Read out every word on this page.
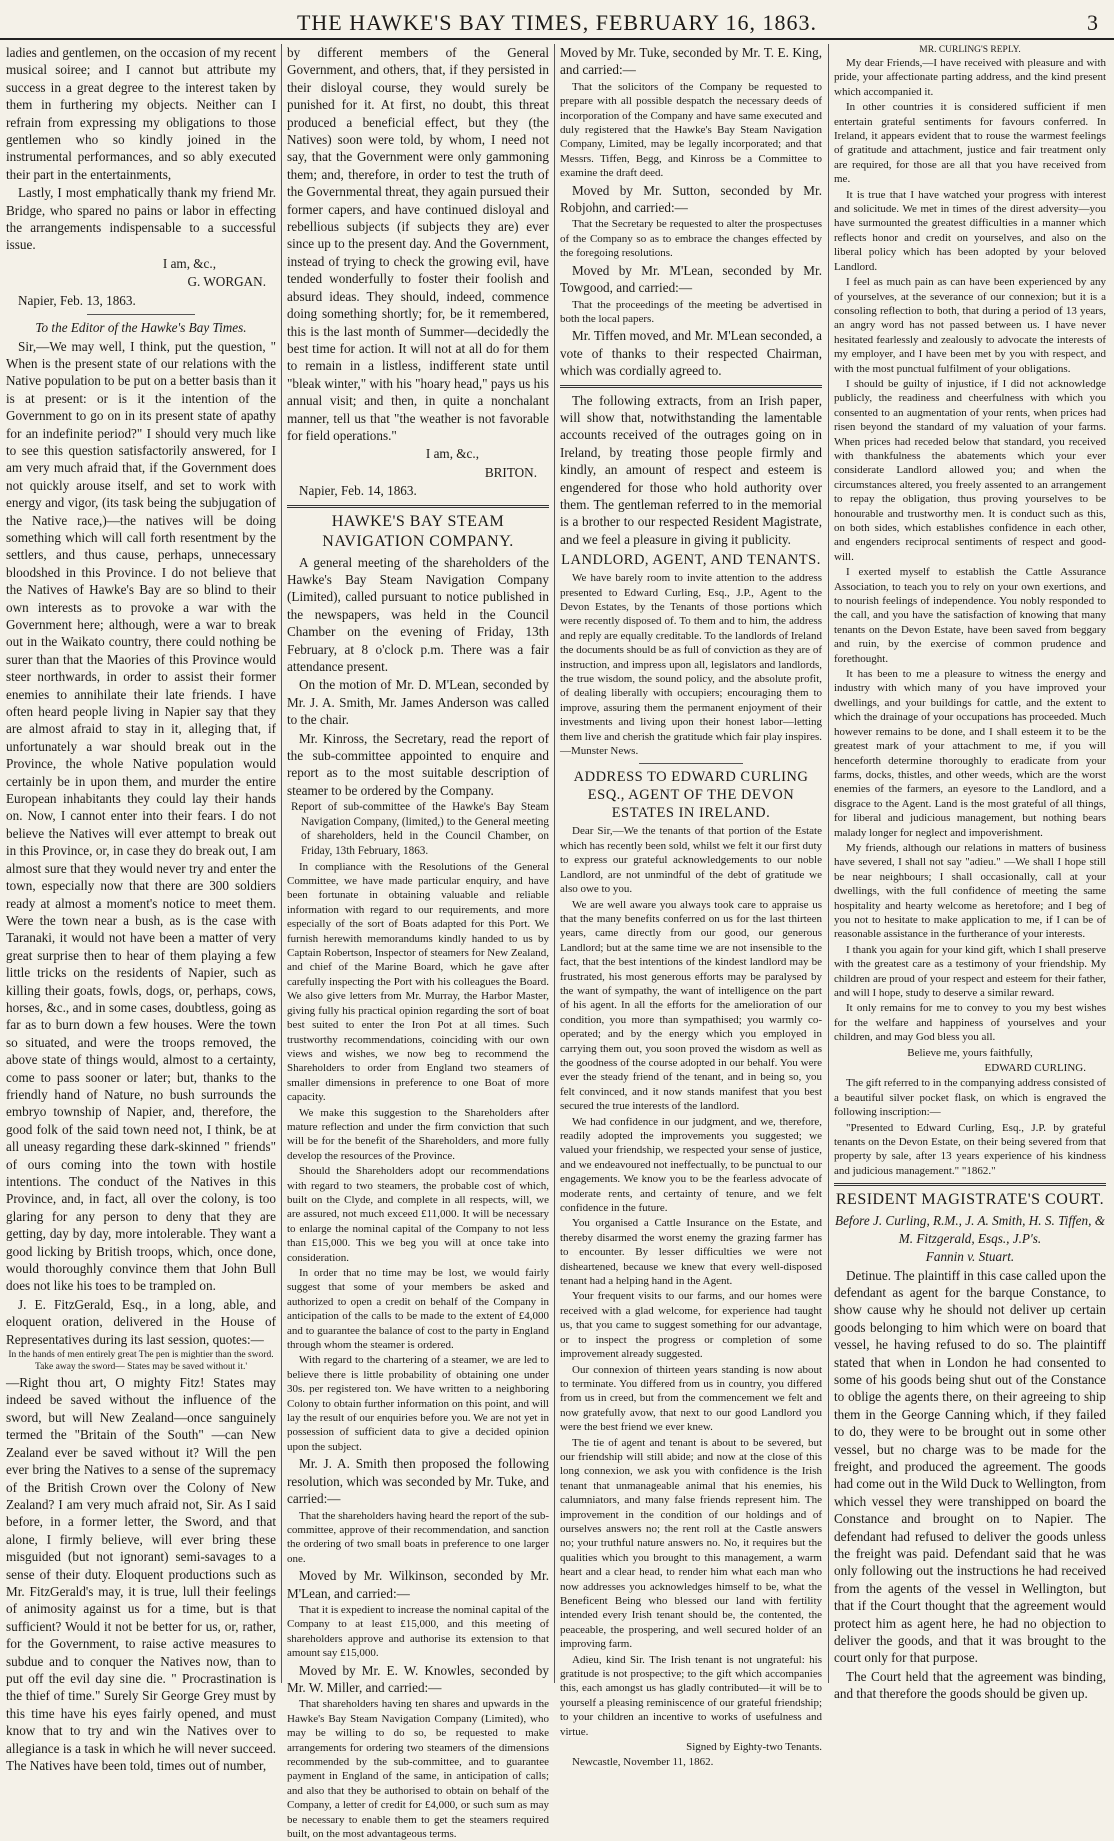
THE HAWKE'S BAY TIMES, FEBRUARY 16, 1863.	3

ladies and gentlemen, on the occasion of my recent musical soiree; and I cannot but attribute my success in a great degree to the interest taken by them in furthering my objects. Neither can I refrain from expressing my obligations to those gentlemen who so kindly joined in the instrumental performances, and so ably executed their part in the entertainments,

Lastly, I most emphatically thank my friend Mr. Bridge, who spared no pains or labor in effecting the arrangements indispensable to a successful issue.

I am, &c.,

G. WORGAN.

Napier, Feb. 13, 1863.

To the Editor of the Hawke's Bay Times.

Sir,—We may well, I think, put the question, " When is the present state of our relations with the Native population to be put on a better basis than it is at present: or is it the intention of the Government to go on in its present state of apathy for an indefinite period?" I should very much like to see this question satisfactorily answered, for I am very much afraid that, if the Government does not quickly arouse itself, and set to work with energy and vigor, (its task being the subjugation of the Native race,)—the natives will be doing something which will call forth resentment by the settlers, and thus cause, perhaps, unnecessary bloodshed in this Province. I do not believe that the Natives of Hawke's Bay are so blind to their own interests as to provoke a war with the Government here; although, were a war to break out in the Waikato country, there could nothing be surer than that the Maories of this Province would steer northwards, in order to assist their former enemies to annihilate their late friends. I have often heard people living in Napier say that they are almost afraid to stay in it, alleging that, if unfortunately a war should break out in the Province, the whole Native population would certainly be in upon them, and murder the entire European inhabitants they could lay their hands on. Now, I cannot enter into their fears. I do not believe the Natives will ever attempt to break out in this Province, or, in case they do break out, I am almost sure that they would never try and enter the town, especially now that there are 300 soldiers ready at almost a moment's notice to meet them. Were the town near a bush, as is the case with Taranaki, it would not have been a matter of very great surprise then to hear of them playing a few little tricks on the residents of Napier, such as killing their goats, fowls, dogs, or, perhaps, cows, horses, &c., and in some cases, doubtless, going as far as to burn down a few houses. Were the town so situated, and were the troops removed, the above state of things would, almost to a certainty, come to pass sooner or later; but, thanks to the friendly hand of Nature, no bush surrounds the embryo township of Napier, and, therefore, the good folk of the said town need not, I think, be at all uneasy regarding these dark-skinned " friends" of ours coming into the town with hostile intentions. The conduct of the Natives in this Province, and, in fact, all over the colony, is too glaring for any person to deny that they are getting, day by day, more intolerable. They want a good licking by British troops, which, once done, would thoroughly convince them that John Bull does not like his toes to be trampled on.

J. E. FitzGerald, Esq., in a long, able, and eloquent oration, delivered in the House of Representatives during its last session, quotes:—

In the hands of men entirely great The pen is mightier than the sword. Take away the sword— States may be saved without it.'

—Right thou art, O mighty Fitz! States may indeed be saved without the influence of the sword, but will New Zealand—once sanguinely termed the "Britain of the South" —can New Zealand ever be saved without it? Will the pen ever bring the Natives to a sense of the supremacy of the British Crown over the Colony of New Zealand? I am very much afraid not, Sir. As I said before, in a former letter, the Sword, and that alone, I firmly believe, will ever bring these misguided (but not ignorant) semi-savages to a sense of their duty. Eloquent productions such as Mr. FitzGerald's may, it is true, lull their feelings of animosity against us for a time, but is that sufficient? Would it not be better for us, or, rather, for the Government, to raise active measures to subdue and to conquer the Natives now, than to put off the evil day sine die. " Procrastination is the thief of time." Surely Sir George Grey must by this time have his eyes fairly opened, and must know that to try and win the Natives over to allegiance is a task in which he will never succeed. The Natives have been told, times out of number,

by different members of the General Government, and others, that, if they persisted in their disloyal course, they would surely be punished for it. At first, no doubt, this threat produced a beneficial effect, but they (the Natives) soon were told, by whom, I need not say, that the Government were only gammoning them; and, therefore, in order to test the truth of the Governmental threat, they again pursued their former capers, and have continued disloyal and rebellious subjects (if subjects they are) ever since up to the present day. And the Government, instead of trying to check the growing evil, have tended wonderfully to foster their foolish and absurd ideas. They should, indeed, commence doing something shortly; for, be it remembered, this is the last month of Summer—decidedly the best time for action. It will not at all do for them to remain in a listless, indifferent state until "bleak winter," with his "hoary head," pays us his annual visit; and then, in quite a nonchalant manner, tell us that "the weather is not favorable for field operations."

I am, &c.,

BRITON.

Napier, Feb. 14, 1863.

HAWKE'S BAY STEAM NAVIGATION COMPANY.

A general meeting of the shareholders of the Hawke's Bay Steam Navigation Company (Limited), called pursuant to notice published in the newspapers, was held in the Council Chamber on the evening of Friday, 13th February, at 8 o'clock p.m. There was a fair attendance present.

On the motion of Mr. D. M'Lean, seconded by Mr. J. A. Smith, Mr. James Anderson was called to the chair.

Mr. Kinross, the Secretary, read the report of the sub-committee appointed to enquire and report as to the most suitable description of steamer to be ordered by the Company.

Report of sub-committee of the Hawke's Bay Steam Navigation Company, (limited,) to the General meeting of shareholders, held in the Council Chamber, on Friday, 13th February, 1863.

In compliance with the Resolutions of the General Committee, we have made particular enquiry, and have been fortunate in obtaining valuable and reliable information with regard to our requirements, and more especially of the sort of Boats adapted for this Port. We furnish herewith memorandums kindly handed to us by Captain Robertson, Inspector of steamers for New Zealand, and chief of the Marine Board, which he gave after carefully inspecting the Port with his colleagues the Board. We also give letters from Mr. Murray, the Harbor Master, giving fully his practical opinion regarding the sort of boat best suited to enter the Iron Pot at all times. Such trustworthy recommendations, coinciding with our own views and wishes, we now beg to recommend the Shareholders to order from England two steamers of smaller dimensions in preference to one Boat of more capacity.

We make this suggestion to the Shareholders after mature reflection and under the firm conviction that such will be for the benefit of the Shareholders, and more fully develop the resources of the Province.

Should the Shareholders adopt our recommendations with regard to two steamers, the probable cost of which, built on the Clyde, and complete in all respects, will, we are assured, not much exceed £11,000. It will be necessary to enlarge the nominal capital of the Company to not less than £15,000. This we beg you will at once take into consideration.

In order that no time may be lost, we would fairly suggest that some of your members be asked and authorized to open a credit on behalf of the Company in anticipation of the calls to be made to the extent of £4,000 and to guarantee the balance of cost to the party in England through whom the steamer is ordered.

With regard to the chartering of a steamer, we are led to believe there is little probability of obtaining one under 30s. per registered ton. We have written to a neighboring Colony to obtain further information on this point, and will lay the result of our enquiries before you. We are not yet in possession of sufficient data to give a decided opinion upon the subject.

Mr. J. A. Smith then proposed the following resolution, which was seconded by Mr. Tuke, and carried:—

That the shareholders having heard the report of the sub-committee, approve of their recommendation, and sanction the ordering of two small boats in preference to one larger one.

Moved by Mr. Wilkinson, seconded by Mr. M'Lean, and carried:—

That it is expedient to increase the nominal capital of the Company to at least £15,000, and this meeting of shareholders approve and authorise its extension to that amount say £15,000.

Moved by Mr. E. W. Knowles, seconded by Mr. W. Miller, and carried:—

That shareholders having ten shares and upwards in the Hawke's Bay Steam Navigation Company (Limited), who may be willing to do so, be requested to make arrangements for ordering two steamers of the dimensions recommended by the sub-committee, and to guarantee payment in England of the same, in anticipation of calls; and also that they be authorised to obtain on behalf of the Company, a letter of credit for £4,000, or such sum as may be necessary to enable them to get the steamers required built, on the most advantageous terms.

Moved by Mr. Tuke, seconded by Mr. T. E. King, and carried:—

That the solicitors of the Company be requested to prepare with all possible despatch the necessary deeds of incorporation of the Company and have same executed and duly registered that the Hawke's Bay Steam Navigation Company, Limited, may be legally incorporated; and that Messrs. Tiffen, Begg, and Kinross be a Committee to examine the draft deed.

Moved by Mr. Sutton, seconded by Mr. Robjohn, and carried:—

That the Secretary be requested to alter the prospectuses of the Company so as to embrace the changes effected by the foregoing resolutions.

Moved by Mr. M'Lean, seconded by Mr. Towgood, and carried:—

That the proceedings of the meeting be advertised in both the local papers.

Mr. Tiffen moved, and Mr. M'Lean seconded, a vote of thanks to their respected Chairman, which was cordially agreed to.

The following extracts, from an Irish paper, will show that, notwithstanding the lamentable accounts received of the outrages going on in Ireland, by treating those people firmly and kindly, an amount of respect and esteem is engendered for those who hold authority over them. The gentleman referred to in the memorial is a brother to our respected Resident Magistrate, and we feel a pleasure in giving it publicity.

LANDLORD, AGENT, AND TENANTS.

We have barely room to invite attention to the address presented to Edward Curling, Esq., J.P., Agent to the Devon Estates, by the Tenants of those portions which were recently disposed of. To them and to him, the address and reply are equally creditable. To the landlords of Ireland the documents should be as full of conviction as they are of instruction, and impress upon all, legislators and landlords, the true wisdom, the sound policy, and the absolute profit, of dealing liberally with occupiers; encouraging them to improve, assuring them the permanent enjoyment of their investments and living upon their honest labor—letting them live and cherish the gratitude which fair play inspires.—Munster News.

ADDRESS TO EDWARD CURLING ESQ., AGENT OF THE DEVON ESTATES IN IRELAND.

Dear Sir,—We the tenants of that portion of the Estate which has recently been sold, whilst we felt it our first duty to express our grateful acknowledgements to our noble Landlord, are not unmindful of the debt of gratitude we also owe to you.

We are well aware you always took care to appraise us that the many benefits conferred on us for the last thirteen years, came directly from our good, our generous Landlord; but at the same time we are not insensible to the fact, that the best intentions of the kindest landlord may be frustrated, his most generous efforts may be paralysed by the want of sympathy, the want of intelligence on the part of his agent. In all the efforts for the amelioration of our condition, you more than sympathised; you warmly co-operated; and by the energy which you employed in carrying them out, you soon proved the wisdom as well as the goodness of the course adopted in our behalf. You were ever the steady friend of the tenant, and in being so, you felt convinced, and it now stands manifest that you best secured the true interests of the landlord.

We had confidence in our judgment, and we, therefore, readily adopted the improvements you suggested; we valued your friendship, we respected your sense of justice, and we endeavoured not ineffectually, to be punctual to our engagements. We know you to be the fearless advocate of moderate rents, and certainty of tenure, and we felt confidence in the future.

You organised a Cattle Insurance on the Estate, and thereby disarmed the worst enemy the grazing farmer has to encounter. By lesser difficulties we were not disheartened, because we knew that every well-disposed tenant had a helping hand in the Agent.

Your frequent visits to our farms, and our homes were received with a glad welcome, for experience had taught us, that you came to suggest something for our advantage, or to inspect the progress or completion of some improvement already suggested.

Our connexion of thirteen years standing is now about to terminate. You differed from us in country, you differed from us in creed, but from the commencement we felt and now gratefully avow, that next to our good Landlord you were the best friend we ever knew.

The tie of agent and tenant is about to be severed, but our friendship will still abide; and now at the close of this long connexion, we ask you with confidence is the Irish tenant that unmanageable animal that his enemies, his calumniators, and many false friends represent him. The improvement in the condition of our holdings and of ourselves answers no; the rent roll at the Castle answers no; your truthful nature answers no. No, it requires but the qualities which you brought to this management, a warm heart and a clear head, to render him what each man who now addresses you acknowledges himself to be, what the Beneficent Being who blessed our land with fertility intended every Irish tenant should be, the contented, the peaceable, the prospering, and well secured holder of an improving farm.

Adieu, kind Sir. The Irish tenant is not ungrateful: his gratitude is not prospective; to the gift which accompanies this, each amongst us has gladly contributed—it will be to yourself a pleasing reminiscence of our grateful friendship; to your children an incentive to works of usefulness and virtue.

Signed by Eighty-two Tenants.

Newcastle, November 11, 1862.

MR. CURLING'S REPLY.

My dear Friends,—I have received with pleasure and with pride, your affectionate parting address, and the kind present which accompanied it.

In other countries it is considered sufficient if men entertain grateful sentiments for favours conferred. In Ireland, it appears evident that to rouse the warmest feelings of gratitude and attachment, justice and fair treatment only are required, for those are all that you have received from me.

It is true that I have watched your progress with interest and solicitude. We met in times of the direst adversity—you have surmounted the greatest difficulties in a manner which reflects honor and credit on yourselves, and also on the liberal policy which has been adopted by your beloved Landlord.

I feel as much pain as can have been experienced by any of yourselves, at the severance of our connexion; but it is a consoling reflection to both, that during a period of 13 years, an angry word has not passed between us. I have never hesitated fearlessly and zealously to advocate the interests of my employer, and I have been met by you with respect, and with the most punctual fulfilment of your obligations.

I should be guilty of injustice, if I did not acknowledge publicly, the readiness and cheerfulness with which you consented to an augmentation of your rents, when prices had risen beyond the standard of my valuation of your farms. When prices had receded below that standard, you received with thankfulness the abatements which your ever considerate Landlord allowed you; and when the circumstances altered, you freely assented to an arrangement to repay the obligation, thus proving yourselves to be honourable and trustworthy men. It is conduct such as this, on both sides, which establishes confidence in each other, and engenders reciprocal sentiments of respect and good-will.

I exerted myself to establish the Cattle Assurance Association, to teach you to rely on your own exertions, and to nourish feelings of independence. You nobly responded to the call, and you have the satisfaction of knowing that many tenants on the Devon Estate, have been saved from beggary and ruin, by the exercise of common prudence and forethought.

It has been to me a pleasure to witness the energy and industry with which many of you have improved your dwellings, and your buildings for cattle, and the extent to which the drainage of your occupations has proceeded. Much however remains to be done, and I shall esteem it to be the greatest mark of your attachment to me, if you will henceforth determine thoroughly to eradicate from your farms, docks, thistles, and other weeds, which are the worst enemies of the farmers, an eyesore to the Landlord, and a disgrace to the Agent. Land is the most grateful of all things, for liberal and judicious management, but nothing bears malady longer for neglect and impoverishment.

My friends, although our relations in matters of business have severed, I shall not say "adieu." —We shall I hope still be near neighbours; I shall occasionally, call at your dwellings, with the full confidence of meeting the same hospitality and hearty welcome as heretofore; and I beg of you not to hesitate to make application to me, if I can be of reasonable assistance in the furtherance of your interests.

I thank you again for your kind gift, which I shall preserve with the greatest care as a testimony of your friendship. My children are proud of your respect and esteem for their father, and will I hope, study to deserve a similar reward.

It only remains for me to convey to you my best wishes for the welfare and happiness of yourselves and your children, and may God bless you all.

Believe me, yours faithfully,

EDWARD CURLING.

The gift referred to in the companying address consisted of a beautiful silver pocket flask, on which is engraved the following inscription:—

"Presented to Edward Curling, Esq., J.P. by grateful tenants on the Devon Estate, on their being severed from that property by sale, after 13 years experience of his kindness and judicious management." "1862."

RESIDENT MAGISTRATE'S COURT.

Before J. Curling, R.M., J. A. Smith, H. S. Tiffen, & M. Fitzgerald, Esqs., J.P's.

Fannin v. Stuart.

Detinue. The plaintiff in this case called upon the defendant as agent for the barque Constance, to show cause why he should not deliver up certain goods belonging to him which were on board that vessel, he having refused to do so. The plaintiff stated that when in London he had consented to some of his goods being shut out of the Constance to oblige the agents there, on their agreeing to ship them in the George Canning which, if they failed to do, they were to be brought out in some other vessel, but no charge was to be made for the freight, and produced the agreement. The goods had come out in the Wild Duck to Wellington, from which vessel they were transhipped on board the Constance and brought on to Napier. The defendant had refused to deliver the goods unless the freight was paid. Defendant said that he was only following out the instructions he had received from the agents of the vessel in Wellington, but that if the Court thought that the agreement would protect him as agent here, he had no objection to deliver the goods, and that it was brought to the court only for that purpose.

The Court held that the agreement was binding, and that therefore the goods should be given up.
